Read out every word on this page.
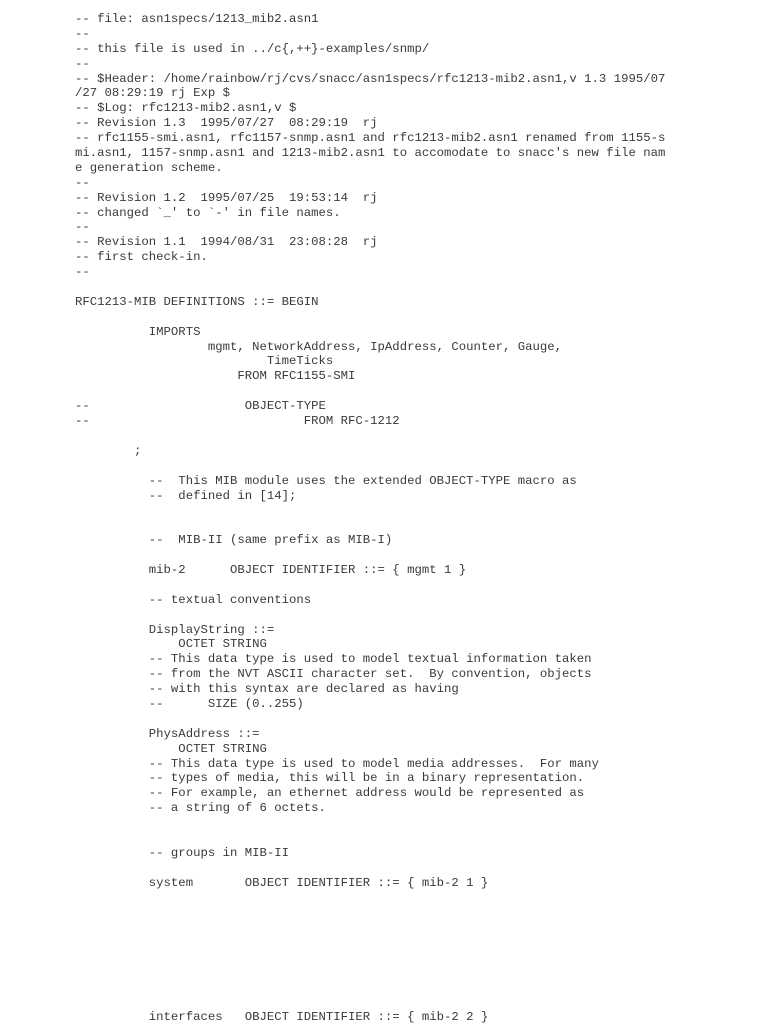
-- file: asn1specs/1213_mib2.asn1
--
-- this file is used in ../c{,++}-examples/snmp/
--
-- $Header: /home/rainbow/rj/cvs/snacc/asn1specs/rfc1213-mib2.asn1,v 1.3 1995/07
/27 08:29:19 rj Exp $
-- $Log: rfc1213-mib2.asn1,v $
-- Revision 1.3  1995/07/27  08:29:19  rj
-- rfc1155-smi.asn1, rfc1157-snmp.asn1 and rfc1213-mib2.asn1 renamed from 1155-s
mi.asn1, 1157-snmp.asn1 and 1213-mib2.asn1 to accomodate to snacc's new file nam
e generation scheme.
--
-- Revision 1.2  1995/07/25  19:53:14  rj
-- changed `_' to `-' in file names.
--
-- Revision 1.1  1994/08/31  23:08:28  rj
-- first check-in.
--
RFC1213-MIB DEFINITIONS ::= BEGIN
IMPORTS
mgmt, NetworkAddress, IpAddress, Counter, Gauge,
TimeTicks
FROM RFC1155-SMI
--                     OBJECT-TYPE
--                             FROM RFC-1212
;
--  This MIB module uses the extended OBJECT-TYPE macro as
--  defined in [14];
--  MIB-II (same prefix as MIB-I)
mib-2      OBJECT IDENTIFIER ::= { mgmt 1 }
-- textual conventions
DisplayString ::=
OCTET STRING
-- This data type is used to model textual information taken
-- from the NVT ASCII character set.  By convention, objects
-- with this syntax are declared as having
--      SIZE (0..255)
PhysAddress ::=
OCTET STRING
-- This data type is used to model media addresses.  For many
-- types of media, this will be in a binary representation.
-- For example, an ethernet address would be represented as
-- a string of 6 octets.
-- groups in MIB-II
system       OBJECT IDENTIFIER ::= { mib-2 1 }
interfaces   OBJECT IDENTIFIER ::= { mib-2 2 }
